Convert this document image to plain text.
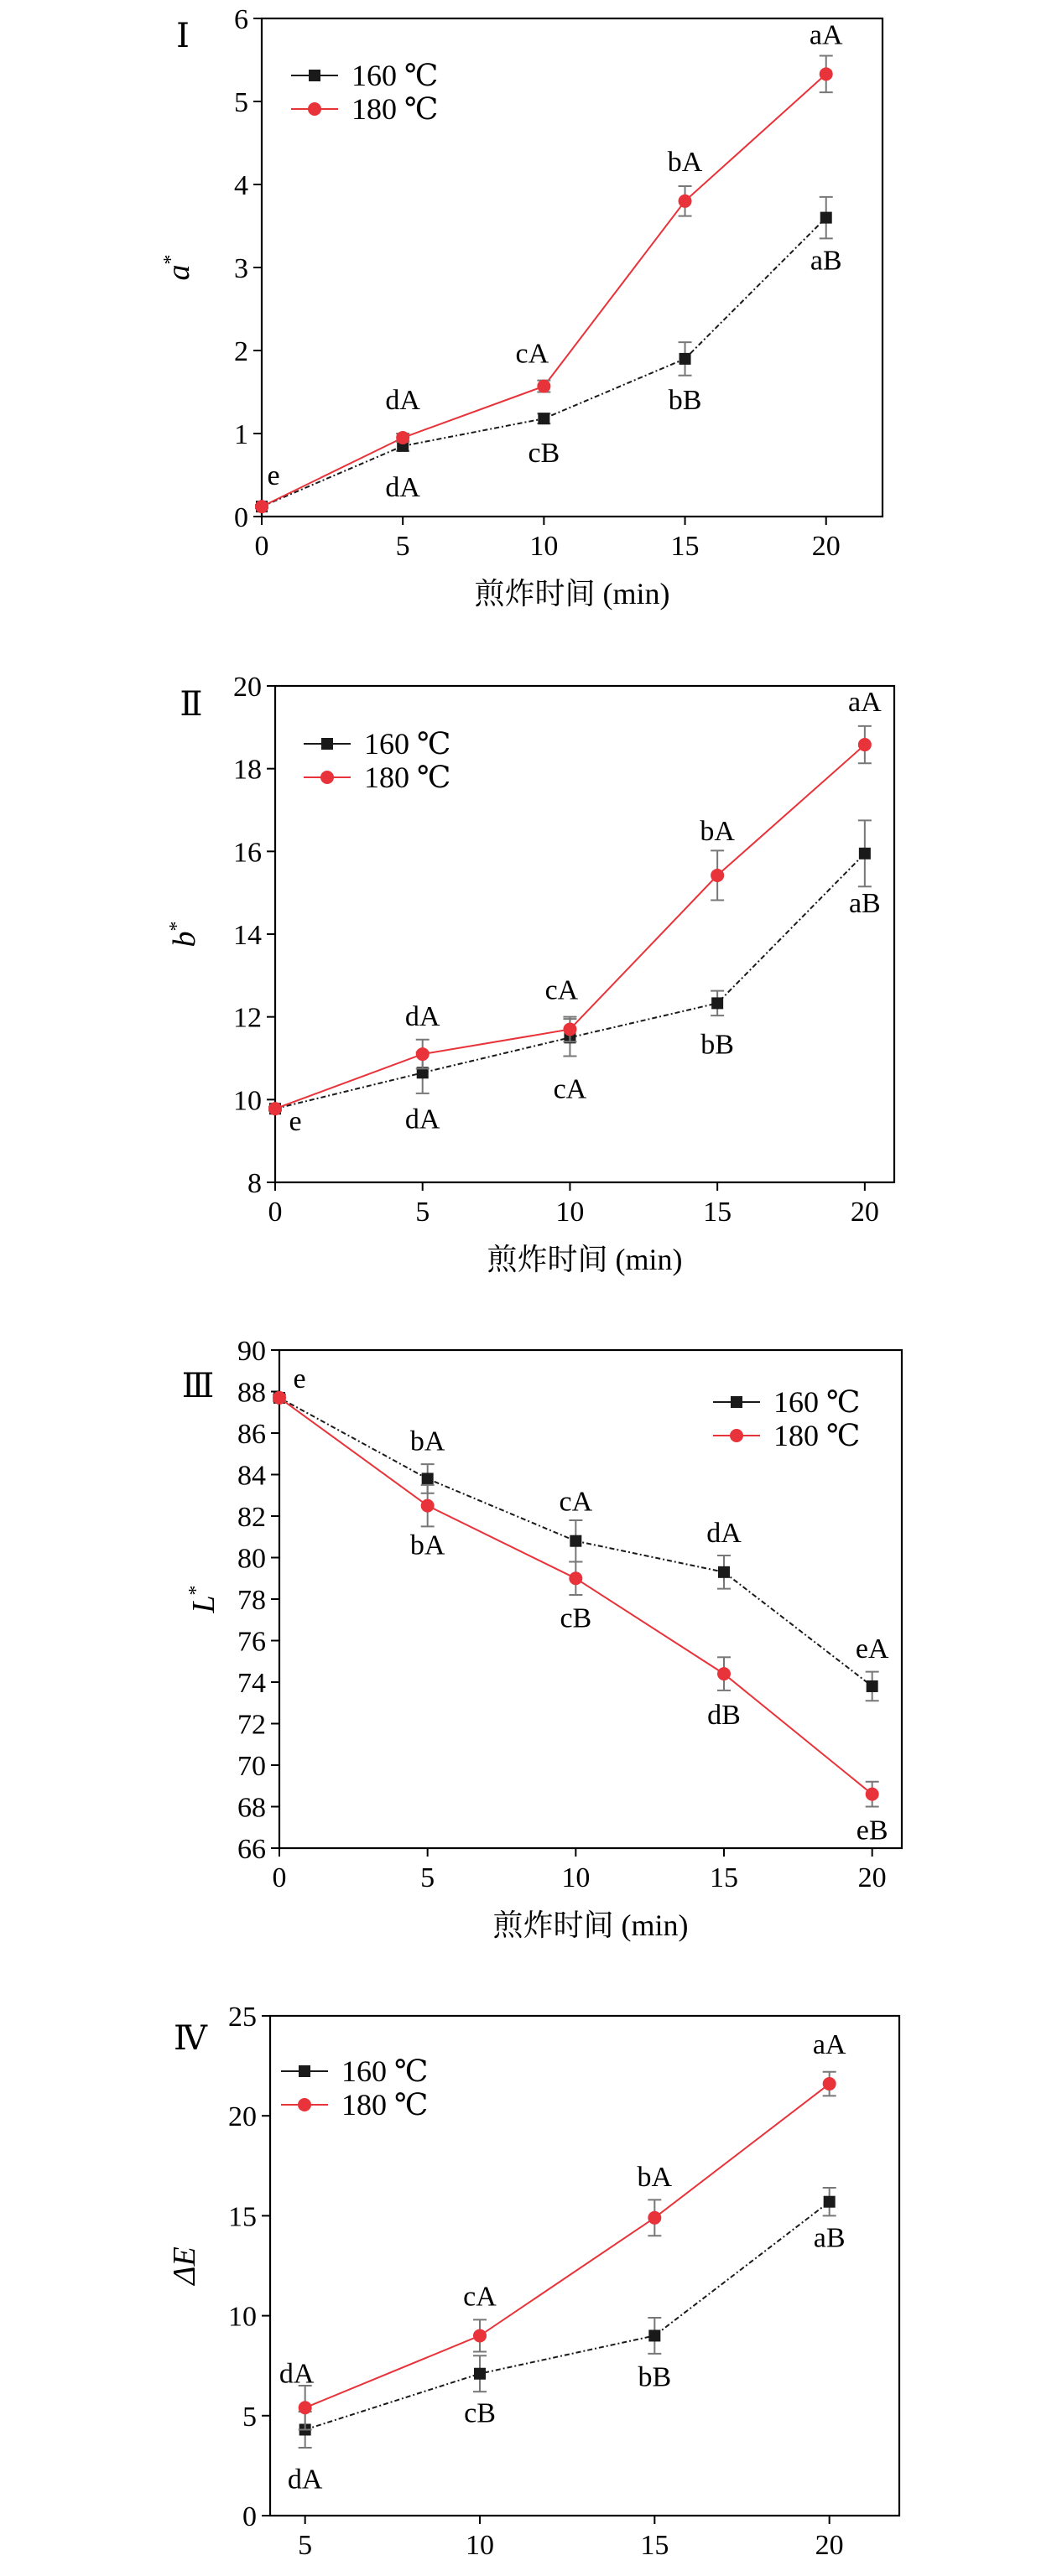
0
1
2
3
4
5
6
0	5	10	15	20
煎炸时间 (min)
a*
Ⅰ
e	dA
cB
bB
aB
dA
cA
bA
aA
160 ℃
180 ℃
8
10
12
14
16
18
20
0	5	10	15	20
煎炸时间 (min)
b*
Ⅱ
e	dA
cA
bB
aB
dA
cA
bA
aA
160 ℃
180 ℃
66
68
70
72
74
76
78
80
82
84
86
88
90
0	5	10	15	20
煎炸时间 (min)
L*
Ⅲ	e
bA
cA
dA
eA
bA
cB
dB
eB
160 ℃
180 ℃
0
5
10
15
20
25
5	10	15	20
ΔE
Ⅳ
dA
cB
bB
aB
dA
cA
bA
aA
160 ℃
180 ℃
